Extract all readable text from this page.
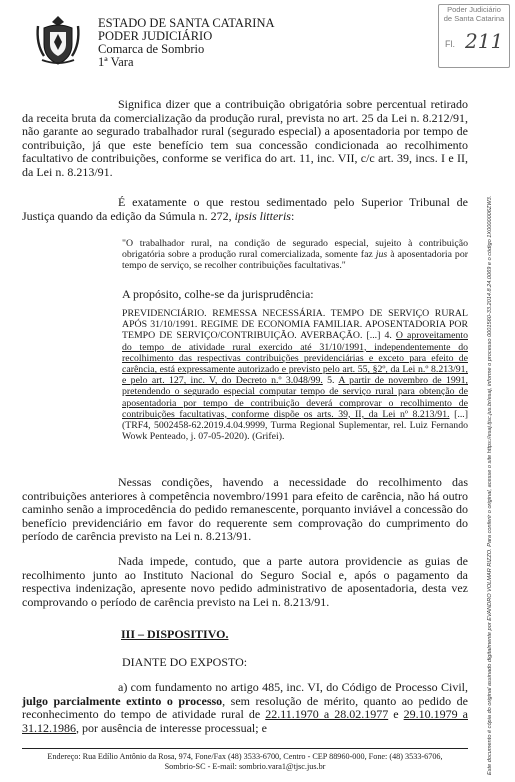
ESTADO DE SANTA CATARINA
PODER JUDICIÁRIO
Comarca de Sombrio
1ª Vara
Poder Judiciário
de Santa Catarina
Fl. 211
Este documento é cópia do original assinado digitalmente por EVANDRO VOLMAR RIZZO. Para conferir o original, acesse o site https://esaj.tjsc.jus.br/esaj, informe o processo 0001560-33.2014.8.24.0069 e o código 1X0000006ZW3.

Significa dizer que a contribuição obrigatória sobre percentual retirado da receita bruta da comercialização da produção rural, prevista no art. 25 da Lei n. 8.212/91, não garante ao segurado trabalhador rural (segurado especial) a aposentadoria por tempo de contribuição, já que este benefício tem sua concessão condicionada ao recolhimento facultativo de contribuições, conforme se verifica do art. 11, inc. VII, c/c art. 39, incs. I e II, da Lei n. 8.213/91.

É exatamente o que restou sedimentado pelo Superior Tribunal de Justiça quando da edição da Súmula n. 272, ipsis litteris:

"O trabalhador rural, na condição de segurado especial, sujeito à contribuição obrigatória sobre a produção rural comercializada, somente faz jus à aposentadoria por tempo de serviço, se recolher contribuições facultativas."

A propósito, colhe-se da jurisprudência:

PREVIDENCIÁRIO. REMESSA NECESSÁRIA. TEMPO DE SERVIÇO RURAL APÓS 31/10/1991. REGIME DE ECONOMIA FAMILIAR. APOSENTADORIA POR TEMPO DE SERVIÇO/CONTRIBUIÇÃO. AVERBAÇÃO. [...] 4. O aproveitamento do tempo de atividade rural exercido até 31/10/1991, independentemente do recolhimento das respectivas contribuições previdenciárias e exceto para efeito de carência, está expressamente autorizado e previsto pelo art. 55, §2º, da Lei n.º 8.213/91, e pelo art. 127, inc. V, do Decreto n.º 3.048/99. 5. A partir de novembro de 1991, pretendendo o segurado especial computar tempo de serviço rural para obtenção de aposentadoria por tempo de contribuição deverá comprovar o recolhimento de contribuições facultativas, conforme dispõe os arts. 39, II, da Lei nº 8.213/91. [...] (TRF4, 5002458-62.2019.4.04.9999, Turma Regional Suplementar, rel. Luiz Fernando Wowk Penteado, j. 07-05-2020). (Grifei).

Nessas condições, havendo a necessidade do recolhimento das contribuições anteriores à competência novembro/1991 para efeito de carência, não há outro caminho senão a improcedência do pedido remanescente, porquanto inviável a concessão do benefício previdenciário em favor do requerente sem comprovação do cumprimento do período de carência previsto na Lei n. 8.213/91.

Nada impede, contudo, que a parte autora providencie as guias de recolhimento junto ao Instituto Nacional do Seguro Social e, após o pagamento da respectiva indenização, apresente novo pedido administrativo de aposentadoria, desta vez comprovando o período de carência previsto na Lei n. 8.213/91.

III – DISPOSITIVO.

DIANTE DO EXPOSTO:

a) com fundamento no artigo 485, inc. VI, do Código de Processo Civil, julgo parcialmente extinto o processo, sem resolução de mérito, quanto ao pedido de reconhecimento do tempo de atividade rural de 22.11.1970 a 28.02.1977 e 29.10.1979 a 31.12.1986, por ausência de interesse processual; e

Endereço: Rua Edílio Antônio da Rosa, 974, Fone/Fax (48) 3533-6700, Centro - CEP 88960-000, Fone: (48) 3533-6706,
Sombrio-SC - E-mail: sombrio.vara1@tjsc.jus.br
